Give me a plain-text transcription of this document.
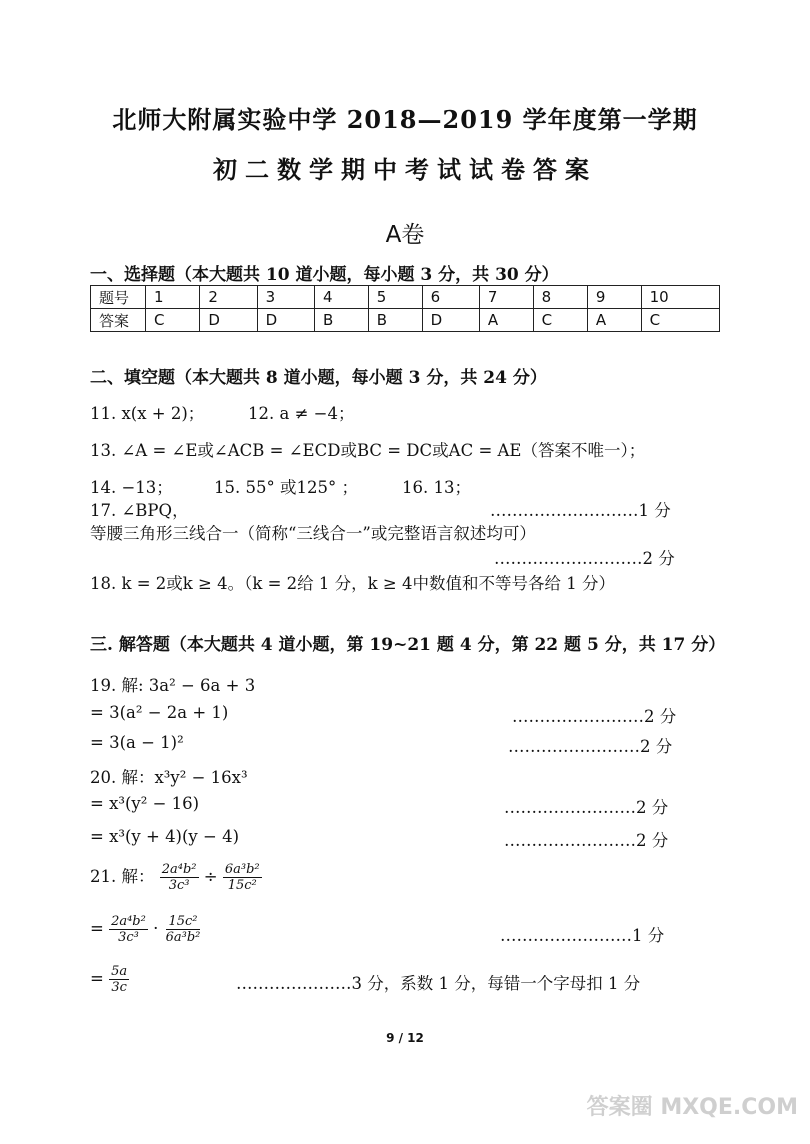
北师大附属实验中学 2018—2019 学年度第一学期
初二数学期中考试试卷答案
A卷
一、选择题（本大题共 10 道小题，每小题 3 分，共 30 分）
题号	1	2	3	4	5	6	7	8	9	10
答案	C	D	D	B	B	D	A	C	A	C
二、填空题（本大题共 8 道小题，每小题 3 分，共 24 分）
11. x(x + 2)；	12. a ≠ −4；
13. ∠A = ∠E或∠ACB = ∠ECD或BC = DC或AC = AE（答案不唯一）；
14. −13； 15. 55° 或125° ；	16. 13；
17. ∠BPQ，	………………………1 分
等腰三角形三线合一（简称“三线合一”或完整语言叙述均可）
………………………2 分
18. k = 2或k ≥ 4。（k = 2给 1 分，k ≥ 4中数值和不等号各给 1 分）
三. 解答题（本大题共 4 道小题，第 19~21 题 4 分，第 22 题 5 分，共 17 分）
19. 解: 3a² − 6a + 3
= 3(a² − 2a + 1)	……………………2 分
= 3(a − 1)²	……………………2 分
20. 解：x³y² − 16x³
= x³(y² − 16)	……………………2 分
= x³(y + 4)(y − 4)	……………………2 分
21. 解： $\frac{\text{2a⁴b²}}{\text{3c³}} \div \frac{\text{6a³b²}}{\text{15c²}}$
= $\frac{\text{2a⁴b²}}{\text{3c³}} \cdot \frac{\text{15c²}}{\text{6a³b²}}$	……………………1 分
= $\frac{5a}{3c}$	…………………3 分，系数 1 分，每错一个字母扣 1 分
9 / 12
答案圈 MXQE.COM
